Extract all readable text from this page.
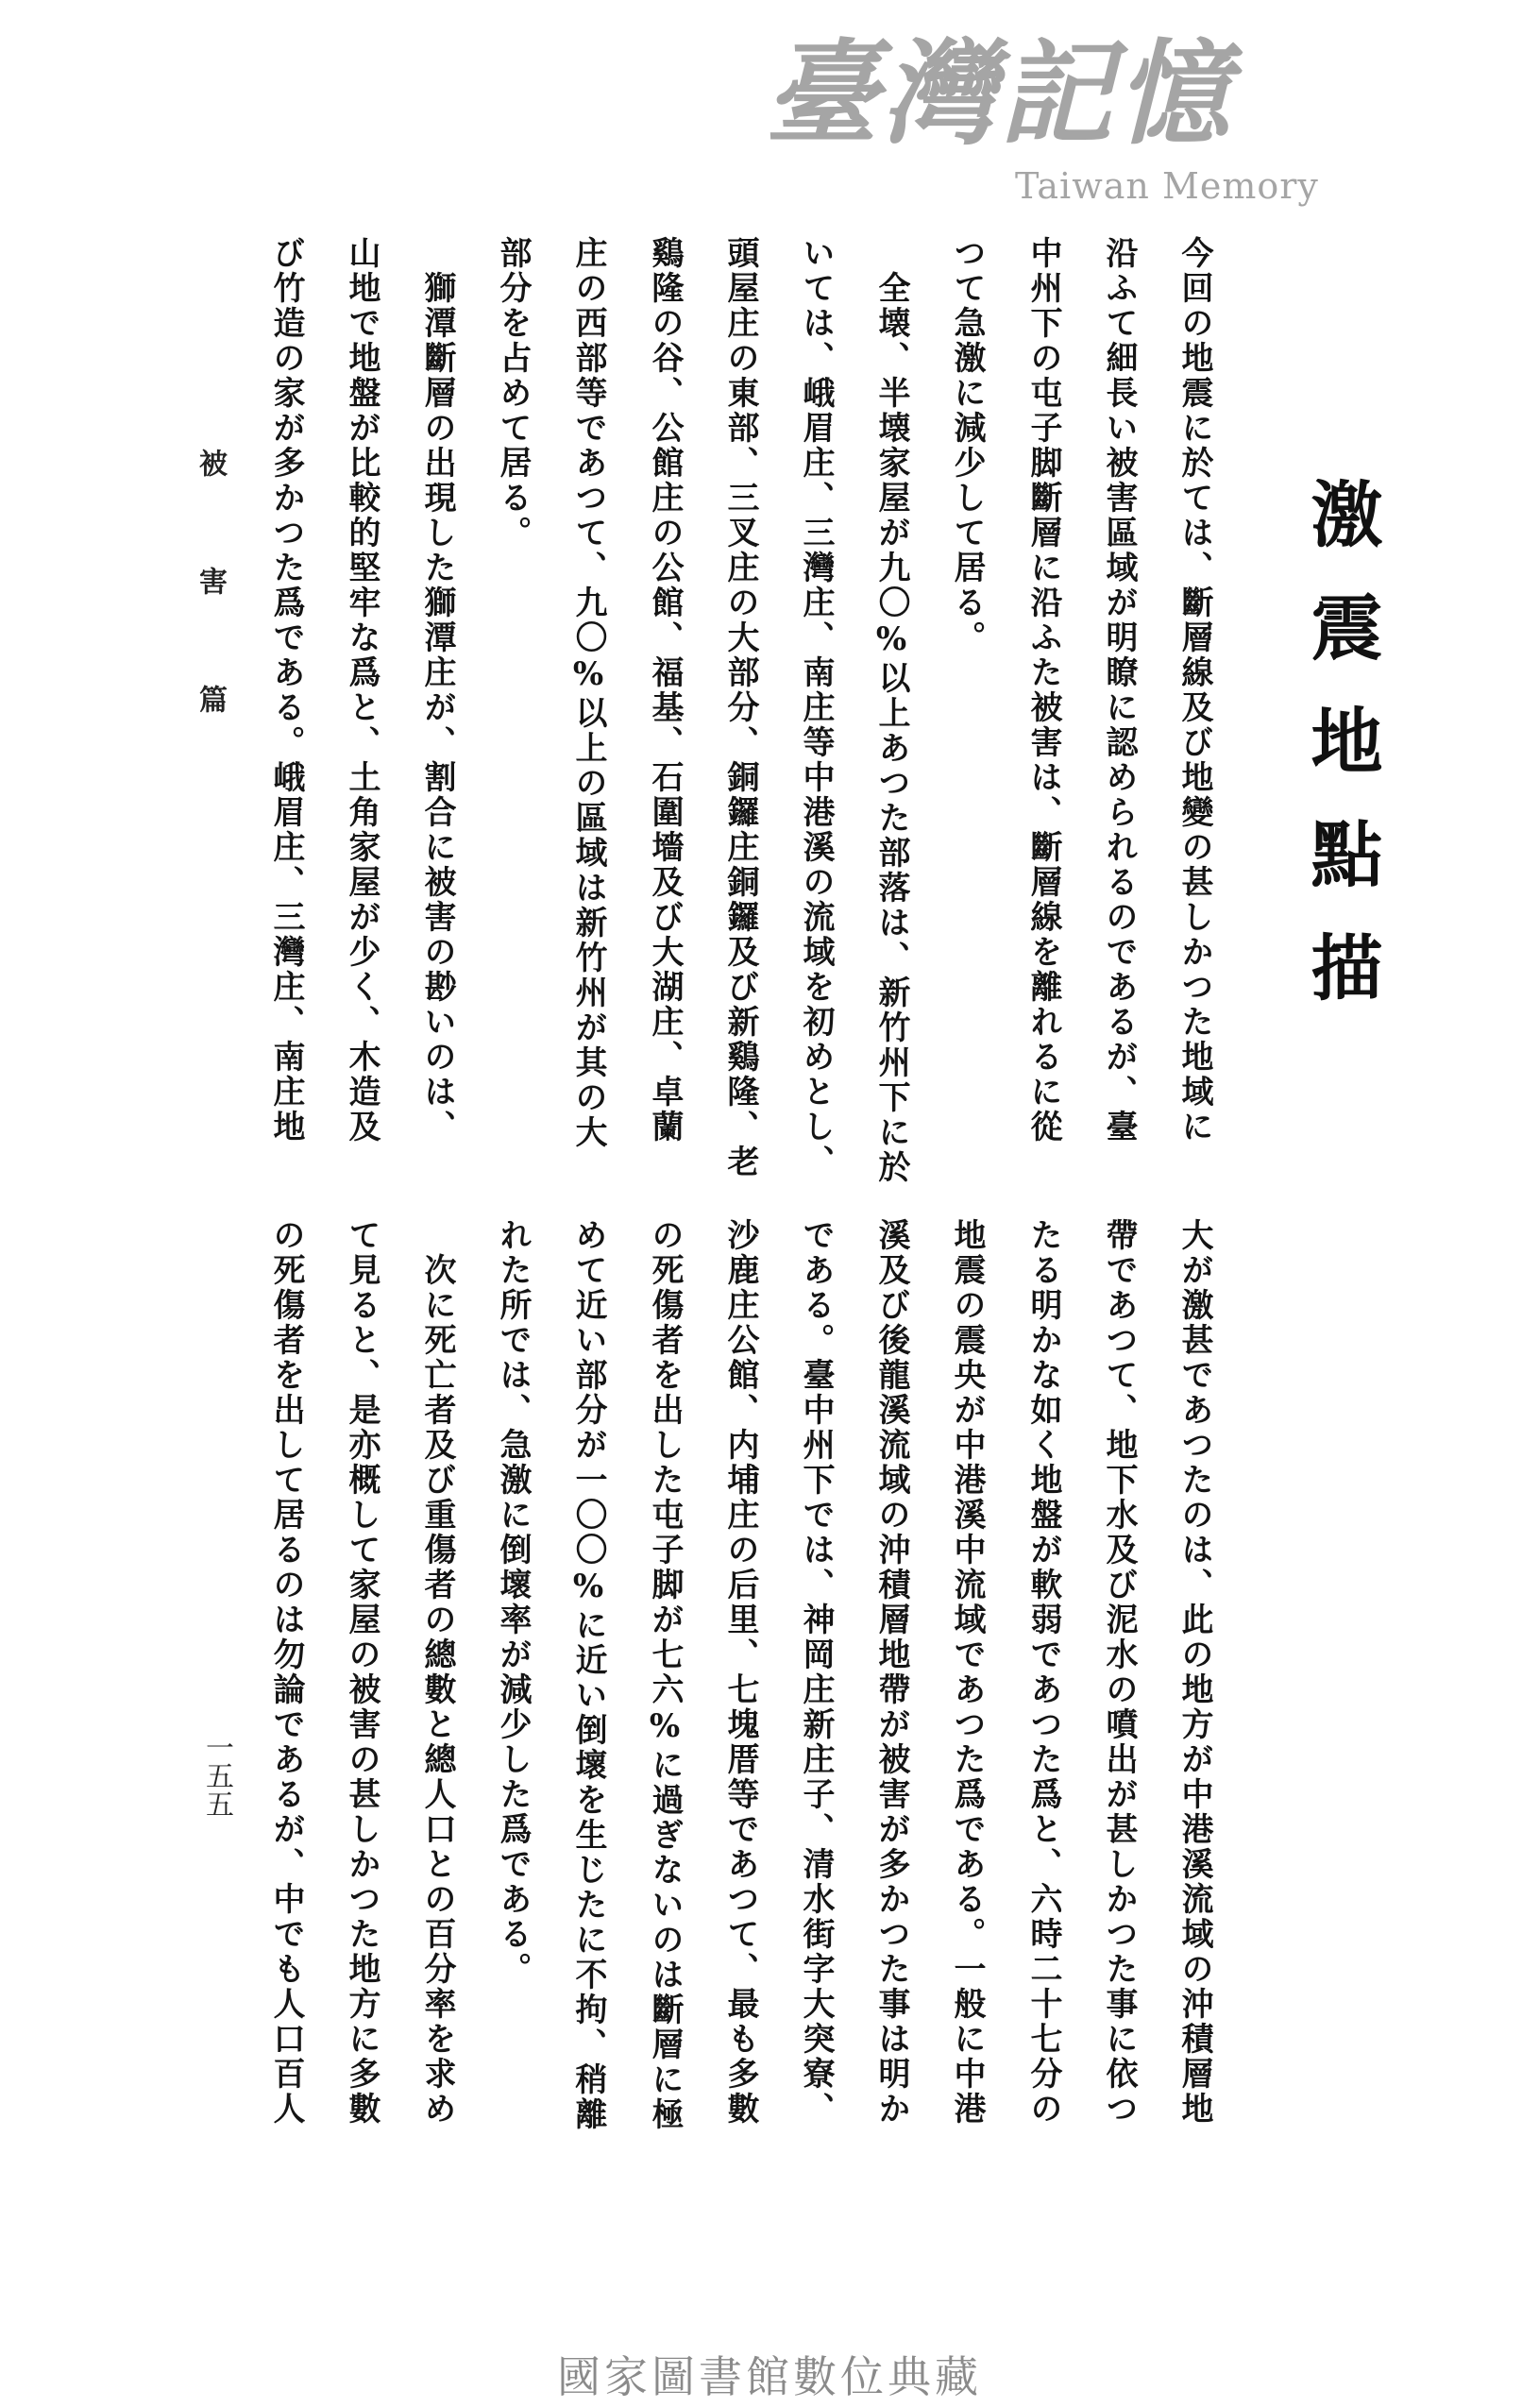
激震地點描
今回の地震に於ては、斷層線及び地變の甚しかつた地域に
沿ふて細長い被害區域が明瞭に認められるのであるが、臺
中州下の屯子脚斷層に沿ふた被害は、斷層線を離れるに從
つて急激に減少して居る。
全壊、半壊家屋が九〇%以上あつた部落は、新竹州下に於
いては、峨眉庄、三灣庄、南庄等中港溪の流域を初めとし、
頭屋庄の東部、三叉庄の大部分、銅鑼庄銅鑼及び新鷄隆、老
鷄隆の谷、公館庄の公館、福基、石圍墻及び大湖庄、卓蘭
庄の西部等であつて、九〇%以上の區域は新竹州が其の大
部分を占めて居る。
獅潭斷層の出現した獅潭庄が、割合に被害の尠いのは、
山地で地盤が比較的堅牢な爲と、土角家屋が少く、木造及
び竹造の家が多かつた爲である。峨眉庄、三灣庄、南庄地
大が激甚であつたのは、此の地方が中港溪流域の沖積層地
帶であつて、地下水及び泥水の噴出が甚しかつた事に依つ
たる明かな如く地盤が軟弱であつた爲と、六時二十七分の
地震の震央が中港溪中流域であつた爲である。一般に中港
溪及び後龍溪流域の沖積層地帶が被害が多かつた事は明か
である。臺中州下では、神岡庄新庄子、清水街字大突寮、
沙鹿庄公館、内埔庄の后里、七塊厝等であつて、最も多數
の死傷者を出した屯子脚が七六%に過ぎないのは斷層に極
めて近い部分が一〇〇%に近い倒壞を生じたに不拘、稍離
れた所では、急激に倒壞率が減少した爲である。
次に死亡者及び重傷者の總數と總人口との百分率を求め
て見ると、是亦概して家屋の被害の甚しかつた地方に多數
の死傷者を出して居るのは勿論であるが、中でも人口百人
臺灣記憶
Taiwan Memory
被害篇
一五五
國家圖書館數位典藏
